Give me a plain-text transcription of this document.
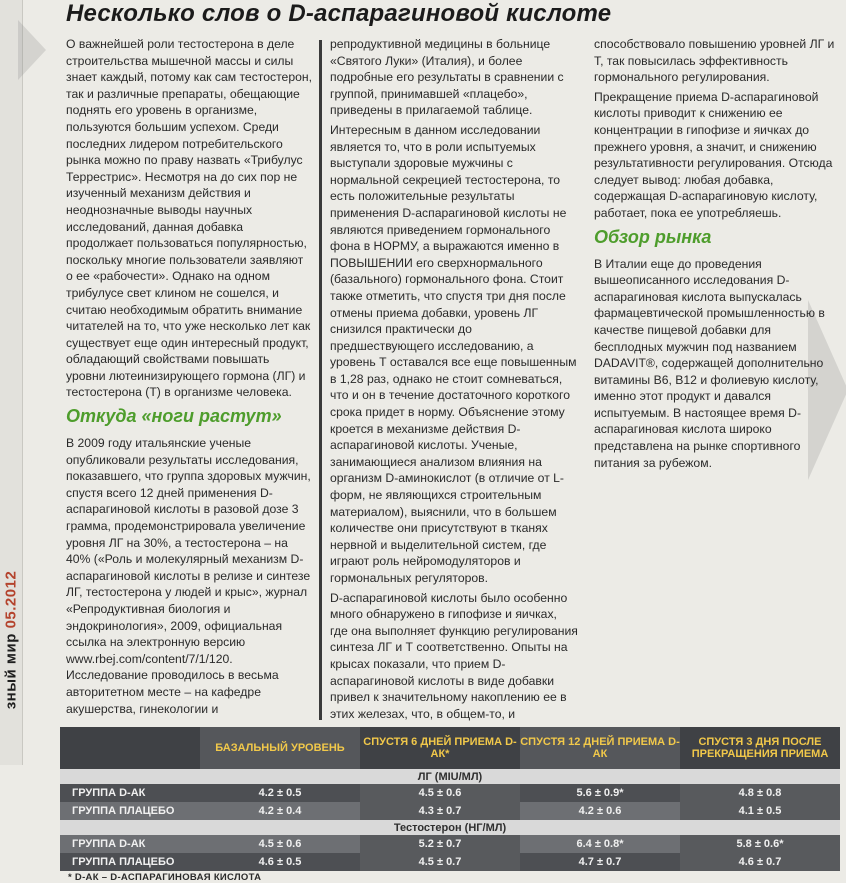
зный мир 05.2012
Несколько слов о D-аспарагиновой кислоте

О важнейшей роли тестостерона в деле строительства мышечной массы и силы знает каждый, потому как сам тестостерон, так и различные препараты, обещающие поднять его уровень в организме, пользуются большим успехом. Среди последних лидером потребительского рынка можно по праву назвать «Трибулус Террестрис». Несмотря на до сих пор не изученный механизм действия и неоднозначные выводы научных исследований, данная добавка продолжает пользоваться популярностью, поскольку многие пользователи заявляют о ее «рабочести». Однако на одном трибулусе свет клином не сошелся, и считаю необходимым обратить внимание читателей на то, что уже несколько лет как существует еще один интересный продукт, обладающий свойствами повышать уровни лютеинизирующего гормона (ЛГ) и тестостерона (Т) в организме человека.

Откуда «ноги растут»

В 2009 году итальянские ученые опубликовали результаты исследования, показавшего, что группа здоровых мужчин, спустя всего 12 дней применения D-аспарагиновой кислоты в разовой дозе 3 грамма, продемонстрировала увеличение уровня ЛГ на 30%, а тестостерона – на 40% («Роль и молекулярный механизм D-аспарагиновой кислоты в релизе и синтезе ЛГ, тестостерона у людей и крыс», журнал «Репродуктивная биология и эндокринология», 2009, официальная ссылка на электронную версию www.rbej.com/content/7/1/120. Исследование проводилось в весьма авторитетном месте – на кафедре акушерства, гинекологии и

репродуктивной медицины в больнице «Святого Луки» (Италия), и более подробные его результаты в сравнении с группой, принимавшей «плацебо», приведены в прилагаемой таблице.

Интересным в данном исследовании является то, что в роли испытуемых выступали здоровые мужчины с нормальной секрецией тестостерона, то есть положительные результаты применения D-аспарагиновой кислоты не являются приведением гормонального фона в НОРМУ, а выражаются именно в ПОВЫШЕНИИ его сверхнормального (базального) гормонального фона. Стоит также отметить, что спустя три дня после отмены приема добавки, уровень ЛГ снизился практически до предшествующего исследованию, а уровень Т оставался все еще повышенным в 1,28 раз, однако не стоит сомневаться, что и он в течение достаточного короткого срока придет в норму. Объяснение этому кроется в механизме действия D-аспарагиновой кислоты. Ученые, занимающиеся анализом влияния на организм D-аминокислот (в отличие от L-форм, не являющихся строительным материалом), выяснили, что в большем количестве они присутствуют в тканях нервной и выделительной систем, где играют роль нейромодуляторов и гормональных регуляторов.

D-аспарагиновой кислоты было особенно много обнаружено в гипофизе и яичках, где она выполняет функцию регулирования синтеза ЛГ и Т соответственно. Опыты на крысах показали, что прием D-аспарагиновой кислоты в виде добавки привел к значительному накоплению ее в этих железах, что, в общем-то, и

способствовало повышению уровней ЛГ и Т, так повысилась эффективность гормонального регулирования.

Прекращение приема D-аспарагиновой кислоты приводит к снижению ее концентрации в гипофизе и яичках до прежнего уровня, а значит, и снижению результативности регулирования. Отсюда следует вывод: любая добавка, содержащая D-аспарагиновую кислоту, работает, пока ее употребляешь.

Обзор рынка

В Италии еще до проведения вышеописанного исследования D-аспарагиновая кислота выпускалась фармацевтической промышленностью в качестве пищевой добавки для бесплодных мужчин под названием DADAVIT®, содержащей дополнительно витамины В6, В12 и фолиевую кислоту, именно этот продукт и давался испытуемым. В настоящее время D-аспарагиновая кислота широко представлена на рынке спортивного питания за рубежом.

	БАЗАЛЬНЫЙ УРОВЕНЬ	СПУСТЯ 6 ДНЕЙ ПРИЕМА D-АК*	СПУСТЯ 12 ДНЕЙ ПРИЕМА D-АК	СПУСТЯ 3 ДНЯ ПОСЛЕ ПРЕКРАЩЕНИЯ ПРИЕМА
ЛГ (MIU/МЛ)				
ГРУППА D-АК	4.2 ± 0.5	4.5 ± 0.6	5.6 ± 0.9*	4.8 ± 0.8
ГРУППА ПЛАЦЕБО	4.2 ± 0.4	4.3 ± 0.7	4.2 ± 0.6	4.1 ± 0.5
Тестостерон (НГ/МЛ)				
ГРУППА D-АК	4.5 ± 0.6	5.2 ± 0.7	6.4 ± 0.8*	5.8 ± 0.6*
ГРУППА ПЛАЦЕБО	4.6 ± 0.5	4.5 ± 0.7	4.7 ± 0.7	4.6 ± 0.7
* D-АК – D-АСПАРАГИНОВАЯ КИСЛОТА
